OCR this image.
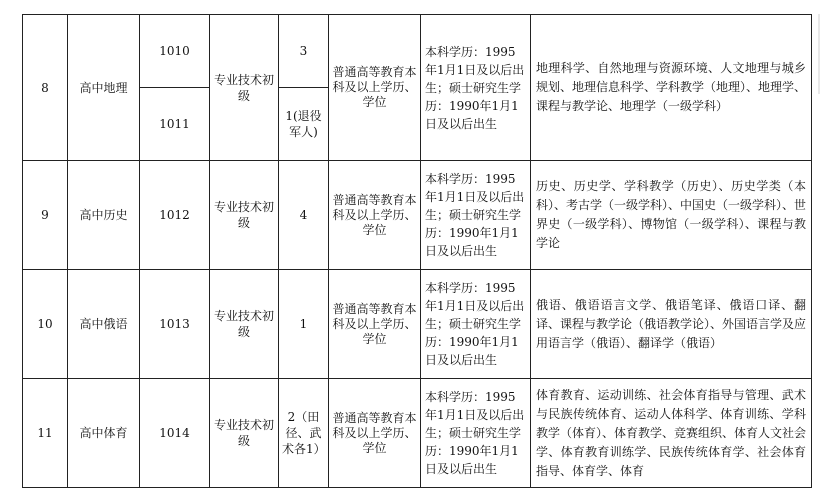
8	高中地理	1010	专业技术初级	3	普通高等教育本科及以上学历、学位	本科学历：1995年1月1日及以后出生；硕士研究生学历：1990年1月1日及以后出生	地理科学、自然地理与资源环境、人文地理与城乡规划、地理信息科学、学科教学（地理）、地理学、课程与教学论、地理学（一级学科）
		1011		1(退役军人)			
9	高中历史	1012	专业技术初级	4	普通高等教育本科及以上学历、学位	本科学历：1995年1月1日及以后出生；硕士研究生学历：1990年1月1日及以后出生	历史、历史学、学科教学（历史）、历史学类（本科）、考古学（一级学科）、中国史（一级学科）、世界史（一级学科）、博物馆（一级学科）、课程与教学论
10	高中俄语	1013	专业技术初级	1	普通高等教育本科及以上学历、学位	本科学历：1995年1月1日及以后出生；硕士研究生学历：1990年1月1日及以后出生	俄语、俄语语言文学、俄语笔译、俄语口译、翻译、课程与教学论（俄语教学论）、外国语言学及应用语言学（俄语）、翻译学（俄语）
11	高中体育	1014	专业技术初级	2（田径、武术各1）	普通高等教育本科及以上学历、学位	本科学历：1995年1月1日及以后出生；硕士研究生学历：1990年1月1日及以后出生	体育教育、运动训练、社会体育指导与管理、武术与民族传统体育、运动人体科学、体育训练、学科教学（体育）、体育教学、竞赛组织、体育人文社会学、体育教育训练学、民族传统体育学、社会体育指导、体育学、体育
